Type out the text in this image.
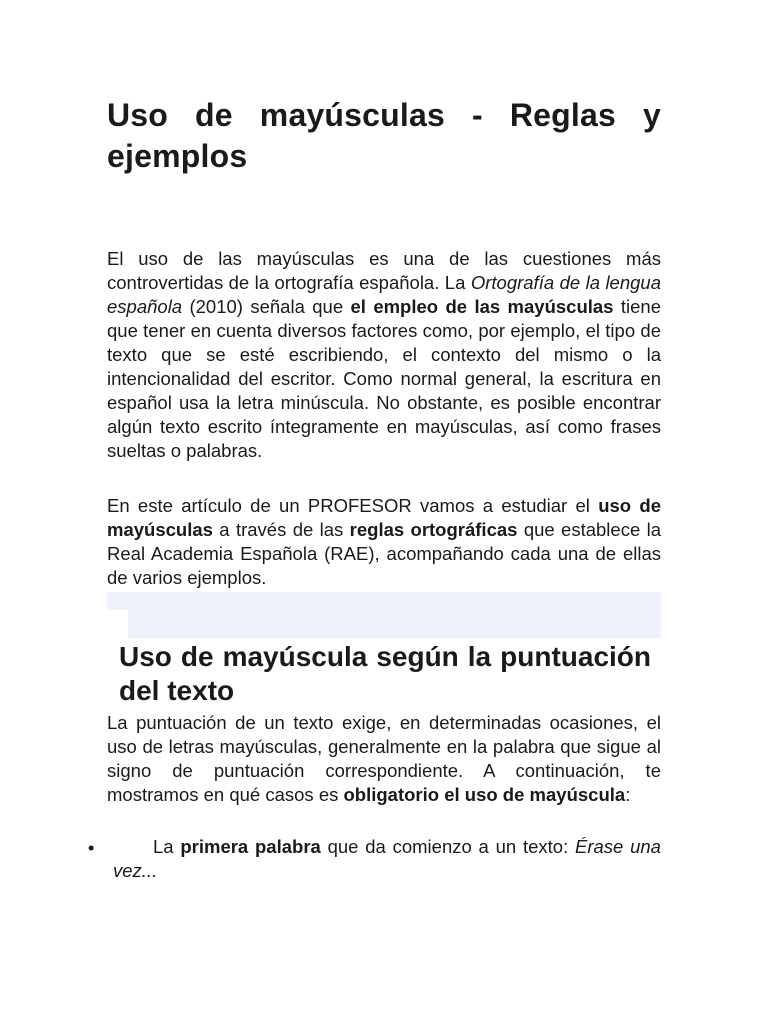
Uso de mayúsculas - Reglas y ejemplos

El uso de las mayúsculas es una de las cuestiones más controvertidas de la ortografía española. La Ortografía de la lengua española (2010) señala que el empleo de las mayúsculas tiene que tener en cuenta diversos factores como, por ejemplo, el tipo de texto que se esté escribiendo, el contexto del mismo o la intencionalidad del escritor. Como normal general, la escritura en español usa la letra minúscula. No obstante, es posible encontrar algún texto escrito íntegramente en mayúsculas, así como frases sueltas o palabras.

En este artículo de un PROFESOR vamos a estudiar el uso de mayúsculas a través de las reglas ortográficas que establece la Real Academia Española (RAE), acompañando cada una de ellas de varios ejemplos.

Uso de mayúscula según la puntuación del texto

La puntuación de un texto exige, en determinadas ocasiones, el uso de letras mayúsculas, generalmente en la palabra que sigue al signo de puntuación correspondiente. A continuación, te mostramos en qué casos es obligatorio el uso de mayúscula:

•	La primera palabra que da comienzo a un texto: Érase una vez...
